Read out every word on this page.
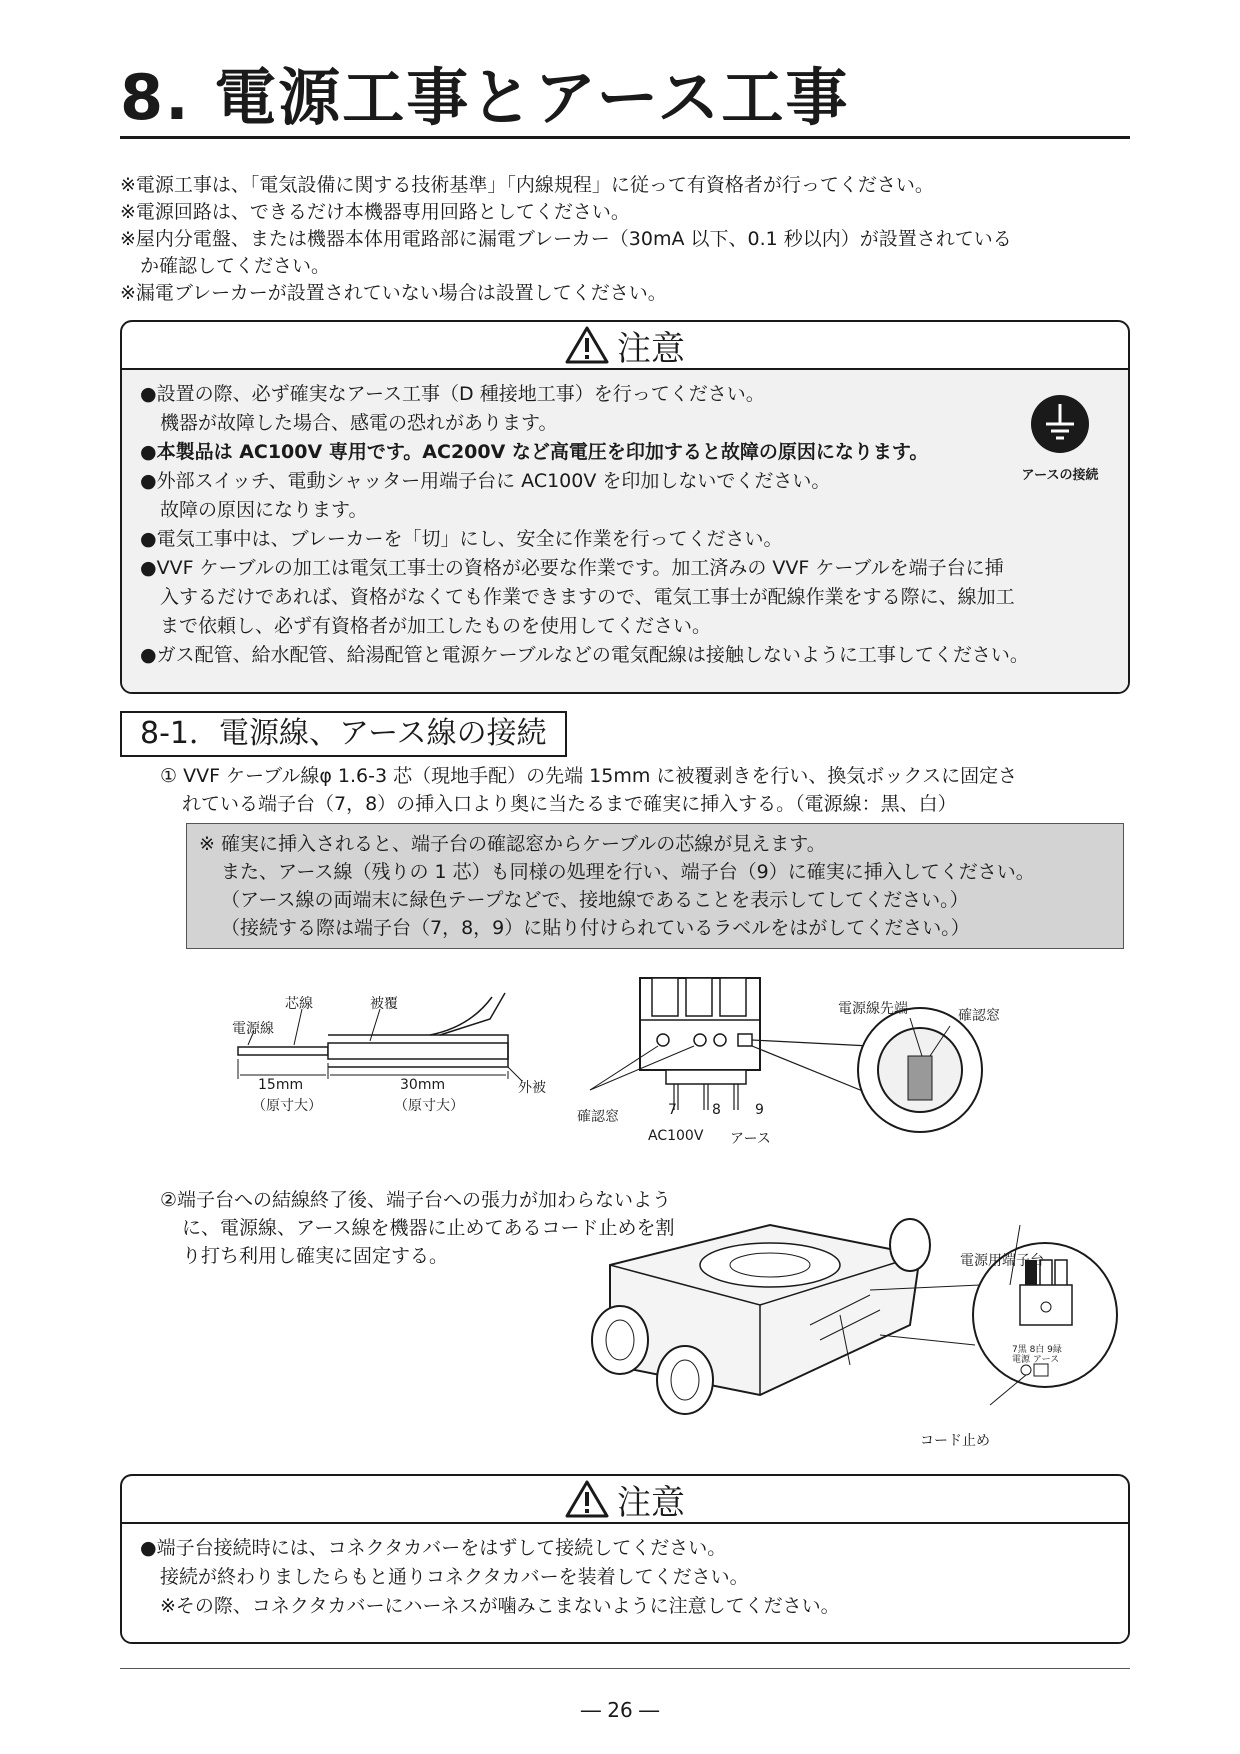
8. 電源工事とアース工事
※電源工事は、「電気設備に関する技術基準」「内線規程」に従って有資格者が行ってください。
※電源回路は、できるだけ本機器専用回路としてください。
※屋内分電盤、または機器本体用電路部に漏電ブレーカー（30mA 以下、0.1 秒以内）が設置されている
か確認してください。
※漏電ブレーカーが設置されていない場合は設置してください。
注意
●設置の際、必ず確実なアース工事（D 種接地工事）を行ってください。
機器が故障した場合、感電の恐れがあります。
●本製品は AC100V 専用です。AC200V など高電圧を印加すると故障の原因になります。
●外部スイッチ、電動シャッター用端子台に AC100V を印加しないでください。
故障の原因になります。
●電気工事中は、ブレーカーを「切」にし、安全に作業を行ってください。
●VVF ケーブルの加工は電気工事士の資格が必要な作業です。加工済みの VVF ケーブルを端子台に挿
入するだけであれば、資格がなくても作業できますので、電気工事士が配線作業をする際に、線加工
まで依頼し、必ず有資格者が加工したものを使用してください。
●ガス配管、給水配管、給湯配管と電源ケーブルなどの電気配線は接触しないように工事してください。
アースの接続
8-1．電源線、アース線の接続
① VVF ケーブル線φ 1.6-3 芯（現地手配）の先端 15mm に被覆剥きを行い、換気ボックスに固定さ
れている端子台（7，8）の挿入口より奥に当たるまで確実に挿入する。（電源線：黒、白）
※ 確実に挿入されると、端子台の確認窓からケーブルの芯線が見えます。
また、アース線（残りの 1 芯）も同様の処理を行い、端子台（9）に確実に挿入してください。
（アース線の両端末に緑色テープなどで、接地線であることを表示してしてください。）
（接続する際は端子台（7，8，9）に貼り付けられているラベルをはがしてください。）
芯線	被覆
電源線
15mm
（原寸大）
30mm
（原寸大）
外被
電源線先端	確認窓
確認窓	7	8 9
AC100V アース
②端子台への結線終了後、端子台への張力が加わらないよう
に、電源線、アース線を機器に止めてあるコード止めを割
り打ち利用し確実に固定する。	電源用端子台
7黒 8白 9緑
電源 アース
コード止め
注意
●端子台接続時には、コネクタカバーをはずして接続してください。
接続が終わりましたらもと通りコネクタカバーを装着してください。
※その際、コネクタカバーにハーネスが噛みこまないように注意してください。
― 26 ―
